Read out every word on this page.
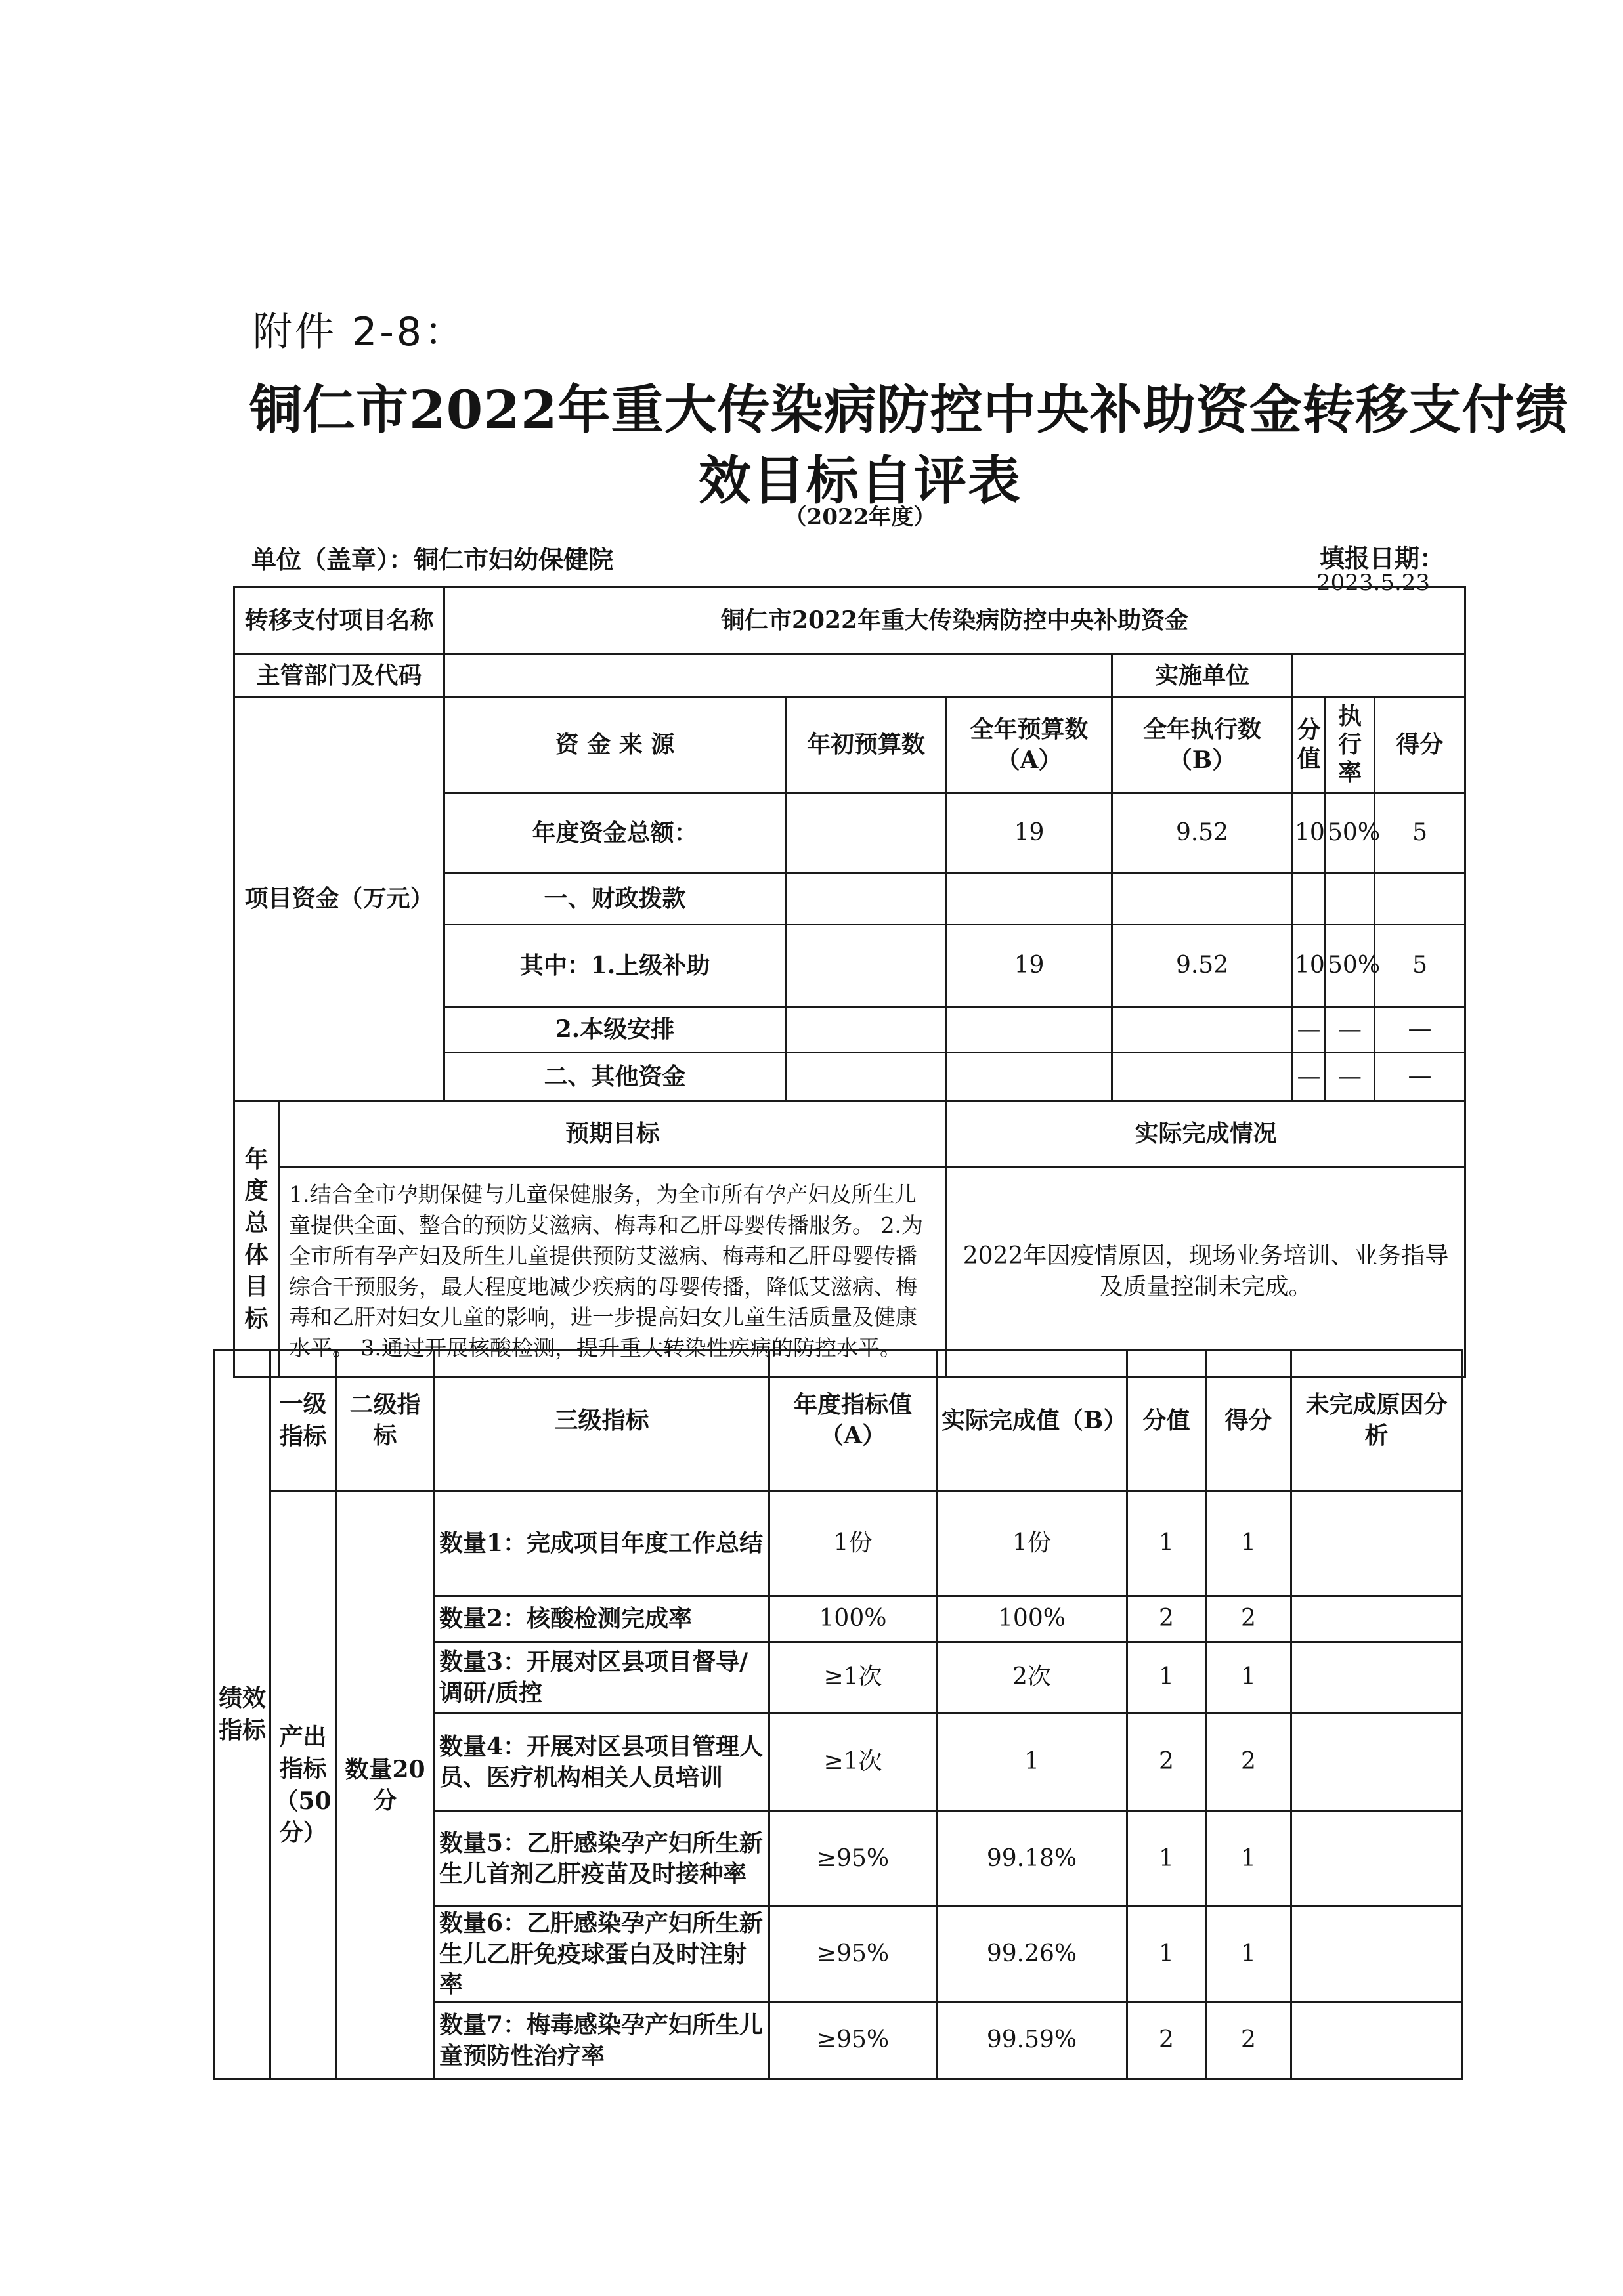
附件 2-8：
铜仁市2022年重大传染病防控中央补助资金转移支付绩
效目标自评表
（2022年度）
单位（盖章）：铜仁市妇幼保健院	填报日期：
2023.5.23
转移支付项目名称		铜仁市2022年重大传染病防控中央补助资金						
主管部门及代码					实施单位			
项目资金（万元）		资 金 来 源	年初预算数	全年预算数（A）	全年执行数（B）	分值	执行率	得分
		年度资金总额：		19	9.52	10	50%	5
		一、财政拨款						
		其中：1.上级补助		19	9.52	10	50%	5
		2.本级安排				—	—	—
		二、其他资金				—	—	—
年度总体目标	预期目标			实际完成情况				
	1.结合全市孕期保健与儿童保健服务，为全市所有孕产妇及所生儿童提供全面、整合的预防艾滋病、梅毒和乙肝母婴传播服务。 2.为全市所有孕产妇及所生儿童提供预防艾滋病、梅毒和乙肝母婴传播综合干预服务，最大程度地减少疾病的母婴传播，降低艾滋病、梅毒和乙肝对妇女儿童的影响，进一步提高妇女儿童生活质量及健康水平。 3.通过开展核酸检测，提升重大转染性疾病的防控水平。			2022年因疫情原因，现场业务培训、业务指导及质量控制未完成。				
绩效指标	一级指标	二级指标	三级指标	年度指标值（A）	实际完成值（B）	分值	得分	未完成原因分析
	产出指标（50分）	数量20分	数量1：完成项目年度工作总结	1份	1份	1	1	
			数量2：核酸检测完成率	100%	100%	2	2	
			数量3：开展对区县项目督导/调研/质控	≥1次	2次	1	1	
			数量4：开展对区县项目管理人员、医疗机构相关人员培训	≥1次	1	2	2	
			数量5：乙肝感染孕产妇所生新生儿首剂乙肝疫苗及时接种率	≥95%	99.18%	1	1	
			数量6：乙肝感染孕产妇所生新生儿乙肝免疫球蛋白及时注射率	≥95%	99.26%	1	1	
			数量7：梅毒感染孕产妇所生儿童预防性治疗率	≥95%	99.59%	2	2	
